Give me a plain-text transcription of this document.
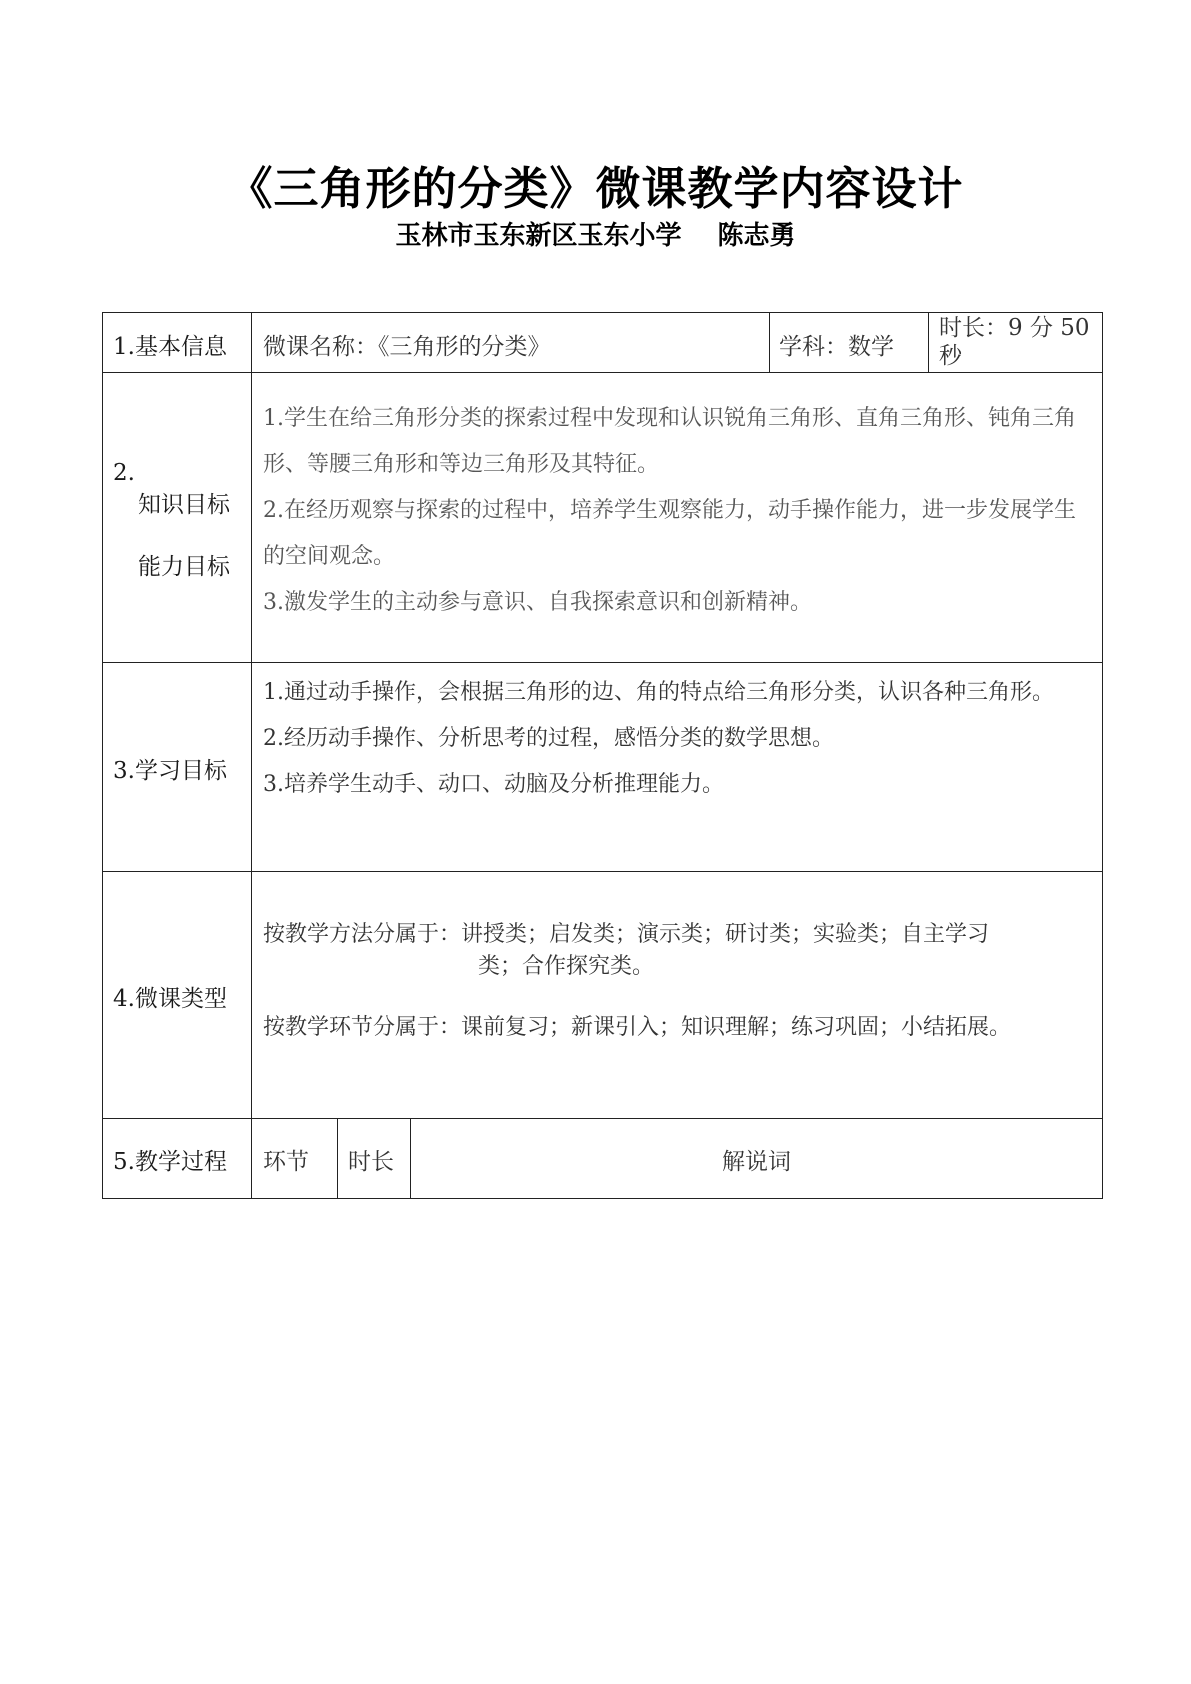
《三角形的分类》微课教学内容设计
玉林市玉东新区玉东小学 陈志勇
1.基本信息 微课名称：《三角形的分类》	学科：数学
时长：9 分 50
秒
2.
知识目标
能力目标

1.学生在给三角形分类的探索过程中发现和认识锐角三角形、直角三角形、钝角三角形、等腰三角形和等边三角形及其特征。

2.在经历观察与探索的过程中，培养学生观察能力，动手操作能力，进一步发展学生的空间观念。

3.激发学生的主动参与意识、自我探索意识和创新精神。

3.学习目标

1.通过动手操作，会根据三角形的边、角的特点给三角形分类，认识各种三角形。

2.经历动手操作、分析思考的过程，感悟分类的数学思想。

3.培养学生动手、动口、动脑及分析推理能力。

4.微课类型
按教学方法分属于：讲授类；启发类；演示类；研讨类；实验类；自主学习
类；合作探究类。
按教学环节分属于：课前复习；新课引入；知识理解；练习巩固；小结拓展。
5.教学过程 环节 时长	解说词
